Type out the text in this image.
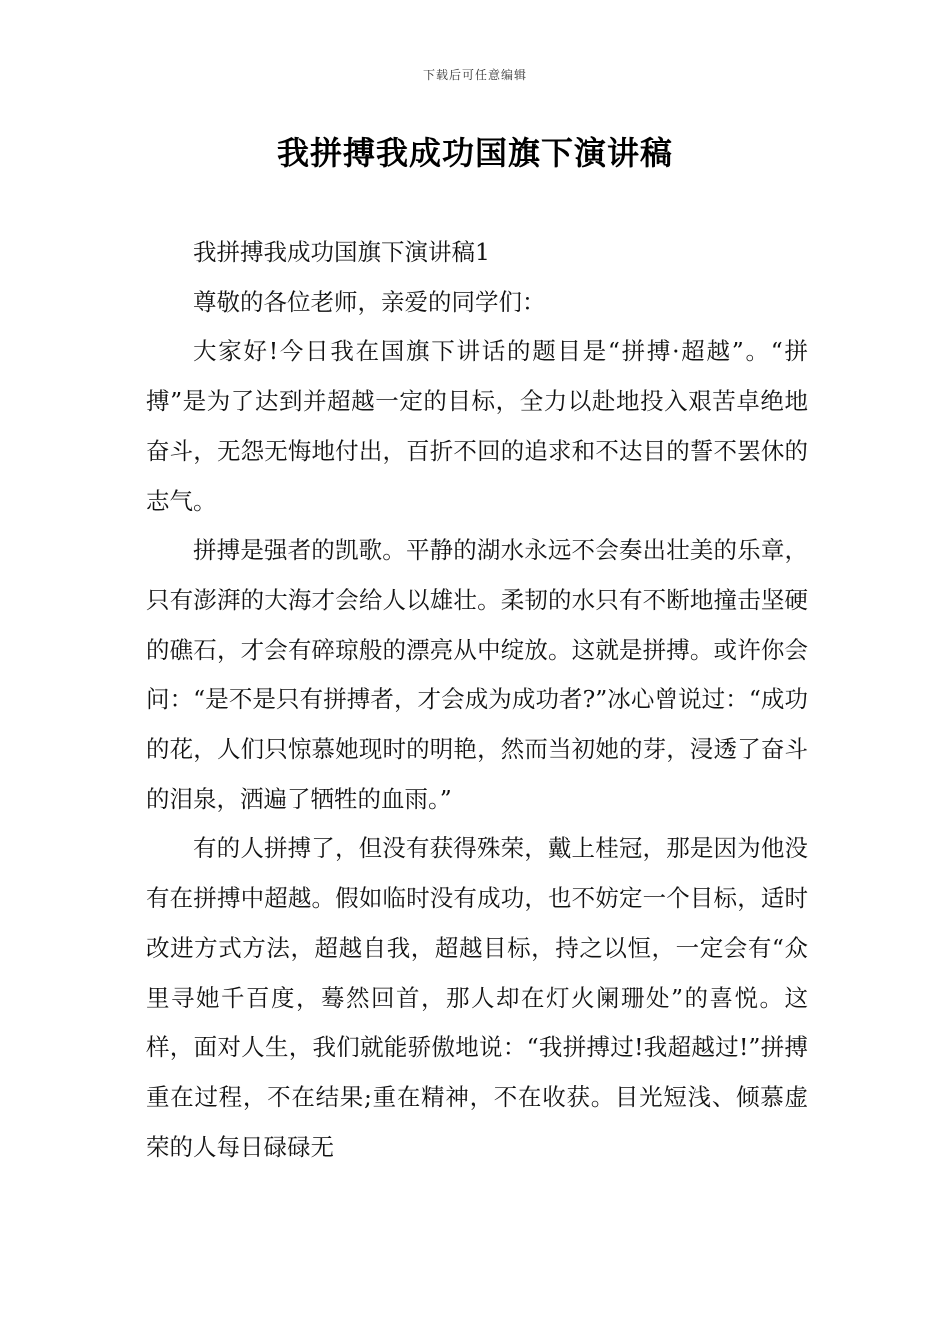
下载后可任意编辑
我拼搏我成功国旗下演讲稿

我拼搏我成功国旗下演讲稿1

尊敬的各位老师，亲爱的同学们：

大家好!今日我在国旗下讲话的题目是“拼搏·超越”。“拼搏”是为了达到并超越一定的目标，全力以赴地投入艰苦卓绝地奋斗，无怨无悔地付出，百折不回的追求和不达目的誓不罢休的志气。

拼搏是强者的凯歌。平静的湖水永远不会奏出壮美的乐章，只有澎湃的大海才会给人以雄壮。柔韧的水只有不断地撞击坚硬的礁石，才会有碎琼般的漂亮从中绽放。这就是拼搏。或许你会问：“是不是只有拼搏者，才会成为成功者?”冰心曾说过：“成功的花，人们只惊慕她现时的明艳，然而当初她的芽，浸透了奋斗的泪泉，洒遍了牺牲的血雨。”

有的人拼搏了，但没有获得殊荣，戴上桂冠，那是因为他没有在拼搏中超越。假如临时没有成功，也不妨定一个目标，适时改进方式方法，超越自我，超越目标，持之以恒，一定会有“众里寻她千百度，蓦然回首，那人却在灯火阑珊处”的喜悦。这样，面对人生，我们就能骄傲地说：“我拼搏过!我超越过!”拼搏重在过程，不在结果;重在精神，不在收获。目光短浅、倾慕虚荣的人每日碌碌无
